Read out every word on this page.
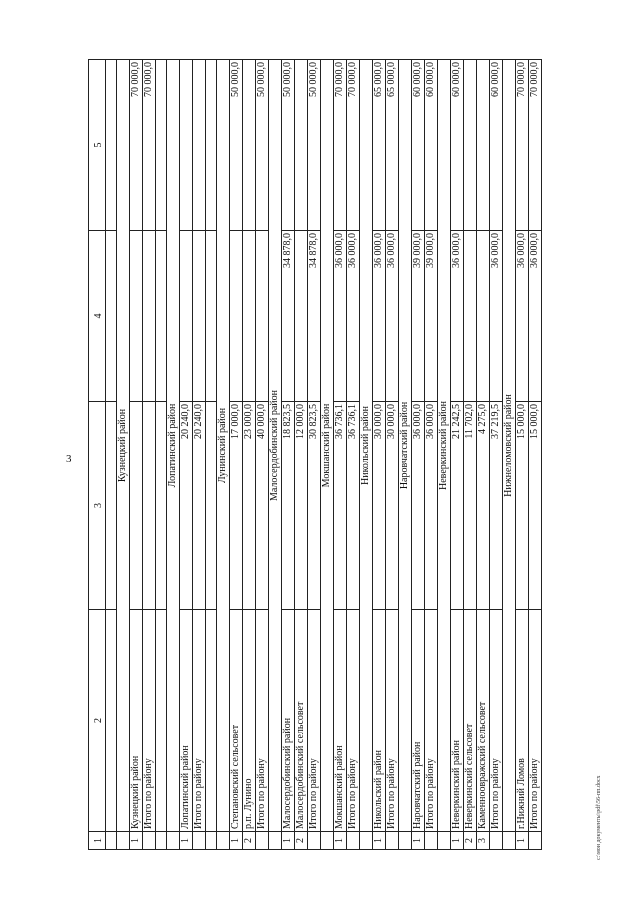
3
1	2	3	4	5

	Кузнецкий район			
1	Кузнецкий район			70 000,0
	Итого по району			70 000,0

	Лопатинский район			
1	Лопатинский район	20 240,0		
	Итого по району	20 240,0		

	Лунинский район			
1	Степановский сельсовет	17 000,0		50 000,0
2	р.п. Лунино	23 000,0		
	Итого по району	40 000,0		50 000,0
	Малосердобинский район			
1	Малосердобинский район	18 823,5	34 878,0	50 000,0
2	Малосердобинский сельсовет	12 000,0		
	Итого по району	30 823,5	34 878,0	50 000,0
	Мокшанский район			
1	Мокшанский район	36 736,1	36 000,0	70 000,0
	Итого по району	36 736,1	36 000,0	70 000,0
	Никольский район			
1	Никольский район	30 000,0	36 000,0	65 000,0
	Итого по району	30 000,0	36 000,0	65 000,0
	Наровчатский район			
1	Наровчатский район	36 000,0	39 000,0	60 000,0
	Итого по району	36 000,0	39 000,0	60 000,0
	Неверкинский район			
1	Неверкинский район	21 242,5	36 000,0	60 000,0
2	Неверкинский сельсовет	11 702,0		
3	Каменноовражский сельсовет	4 275,0		
	Итого по району	37 219,5	36 000,0	60 000,0
	Нижнеломовский район			
1	г.Нижний Ломов	15 000,0	36 000,0	70 000,0
	Итого по району	15 000,0	36 000,0	70 000,0
c:\мои документы\pdf\56-пп.docx
